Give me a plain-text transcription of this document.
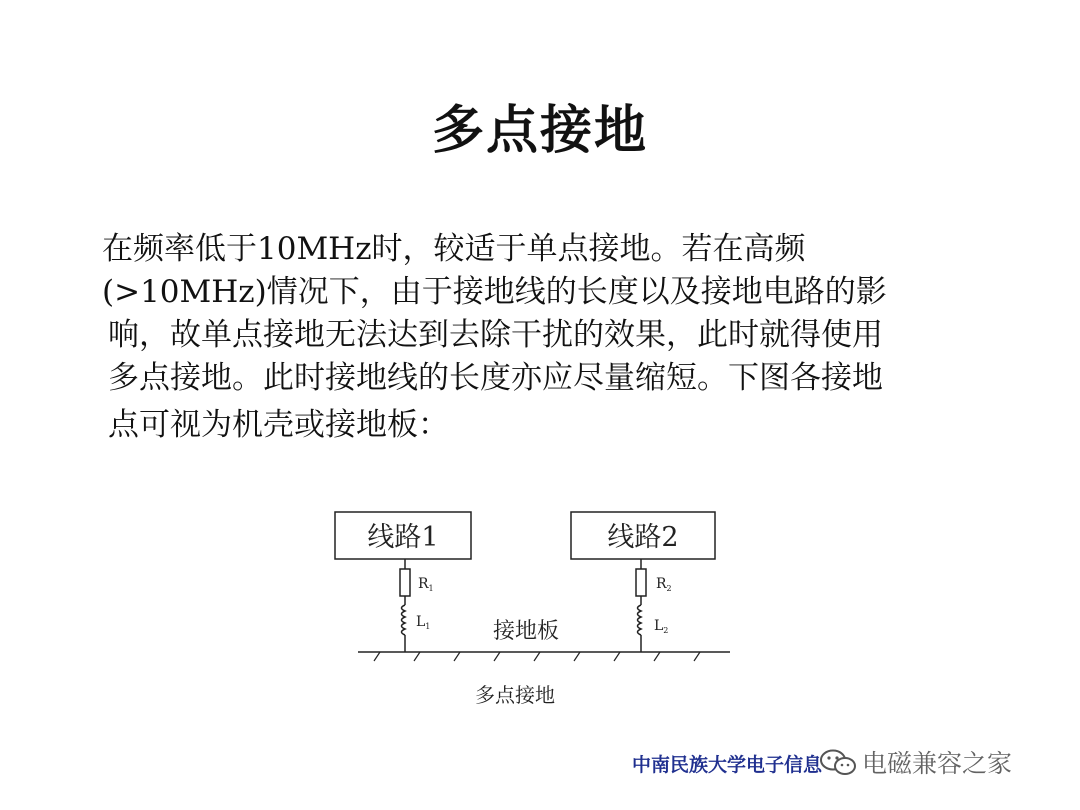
多点接地
在频率低于10MHz时，较适于单点接地。若在高频
(>10MHz)情况下，由于接地线的长度以及接地电路的影
响，故单点接地无法达到去除干扰的效果，此时就得使用
多点接地。此时接地线的长度亦应尽量缩短。下图各接地
点可视为机壳或接地板：
线路1	线路2
$R_1$
$L_1$
$R_2$
$L_2$
接地板
多点接地
中南民族大学电子信息 电磁兼容之家
